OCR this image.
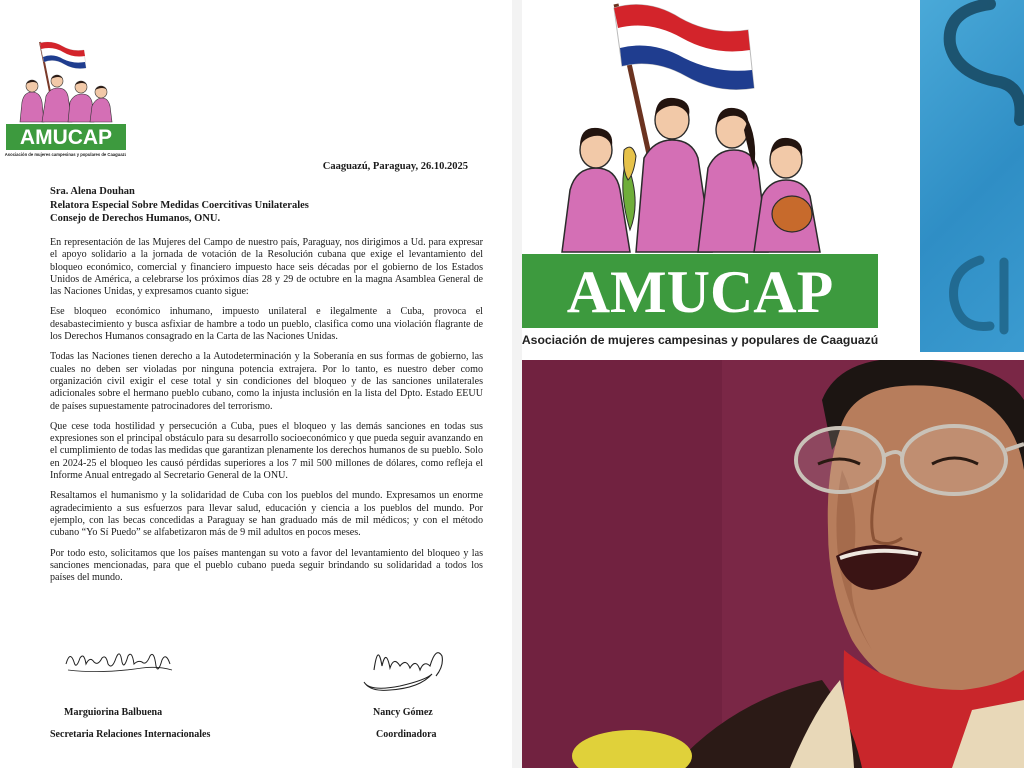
AMUCAP
Asociación de mujeres campesinas y populares de Caaguazú
Caaguazú, Paraguay, 26.10.2025
Sra. Alena Douhan
Relatora Especial Sobre Medidas Coercitivas Unilaterales
Consejo de Derechos Humanos, ONU.

En representación de las Mujeres del Campo de nuestro país, Paraguay, nos dirigimos a Ud. para expresar el apoyo solidario a la jornada de votación de la Resolución cubana que exige el levantamiento del bloqueo económico, comercial y financiero impuesto hace seis décadas por el gobierno de los Estados Unidos de América, a celebrarse los próximos días 28 y 29 de octubre en la magna Asamblea General de las Naciones Unidas, y expresamos cuanto sigue:

Ese bloqueo económico inhumano, impuesto unilateral e ilegalmente a Cuba, provoca el desabastecimiento y busca asfixiar de hambre a todo un pueblo, clasifica como una violación flagrante de los Derechos Humanos consagrado en la Carta de las Naciones Unidas.

Todas las Naciones tienen derecho a la Autodeterminación y la Soberanía en sus formas de gobierno, las cuales no deben ser violadas por ninguna potencia extrajera. Por lo tanto, es nuestro deber como organización civil exigir el cese total y sin condiciones del bloqueo y de las sanciones unilaterales adicionales sobre el hermano pueblo cubano, como la injusta inclusión en la lista del Dpto. Estado EEUU de países supuestamente patrocinadores del terrorismo.

Que cese toda hostilidad y persecución a Cuba, pues el bloqueo y las demás sanciones en todas sus expresiones son el principal obstáculo para su desarrollo socioeconómico y que pueda seguir avanzando en el cumplimiento de todas las medidas que garantizan plenamente los derechos humanos de su pueblo. Solo en 2024-25 el bloqueo les causó pérdidas superiores a los 7 mil 500 millones de dólares, como refleja el Informe Anual entregado al Secretario General de la ONU.

Resaltamos el humanismo y la solidaridad de Cuba con los pueblos del mundo. Expresamos un enorme agradecimiento a sus esfuerzos para llevar salud, educación y ciencia a los pueblos del mundo. Por ejemplo, con las becas concedidas a Paraguay se han graduado más de mil médicos; y con el método cubano “Yo Sí Puedo” se alfabetizaron más de 9 mil adultos en pocos meses.

Por todo esto, solicitamos que los países mantengan su voto a favor del levantamiento del bloqueo y las sanciones mencionadas, para que el pueblo cubano pueda seguir brindando su solidaridad a todos los países del mundo.

Marguiorina Balbuena
Secretaria Relaciones Internacionales
Nancy Gómez
Coordinadora
AMUCAP
Asociación de mujeres campesinas y populares de Caaguazú
